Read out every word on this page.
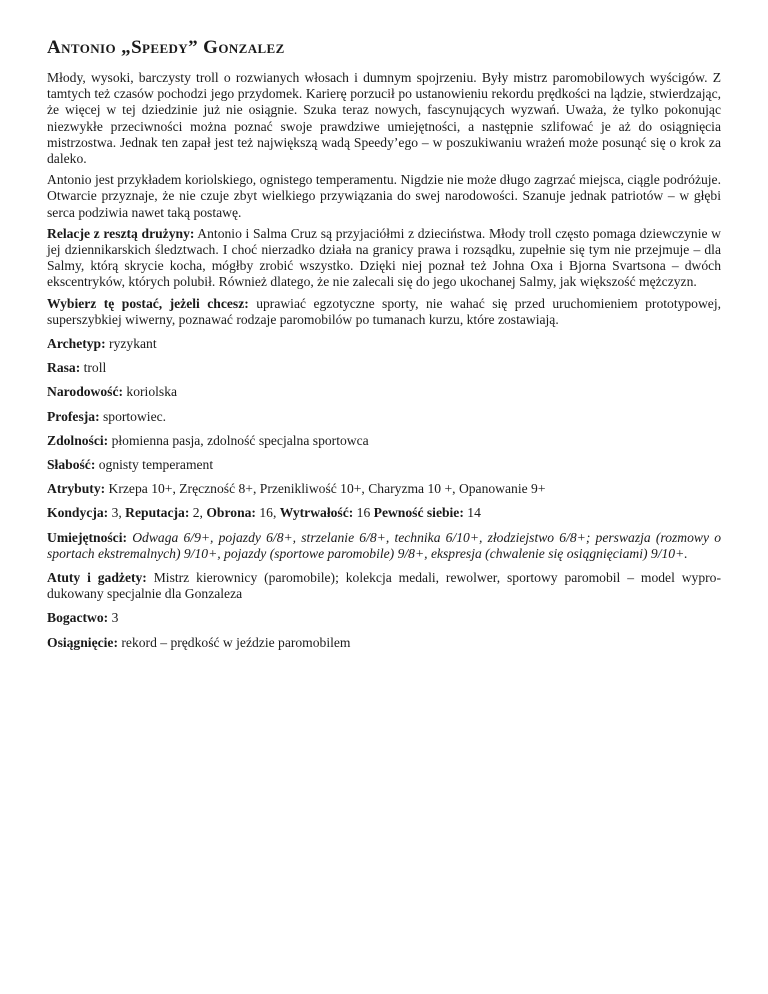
Antonio „Speedy” Gonzalez

Młody, wysoki, barczysty troll o rozwianych włosach i dumnym spojrzeniu. Były mistrz paromobilowych wyścigów. Z tamtych też czasów pochodzi jego przydomek. Karierę porzucił po ustanowieniu rekordu prędkości na lądzie, stwierdzając, że więcej w tej dziedzinie już nie osiągnie. Szuka teraz nowych, fascynujących wyzwań. Uważa, że tylko pokonując niezwykłe przeciwności można poznać swoje prawdziwe umiejętności, a następnie szlifować je aż do osiągnięcia mistrzostwa. Jednak ten zapał jest też największą wadą Speedy’ego – w poszukiwaniu wrażeń może posunąć się o krok za daleko.

Antonio jest przykładem koriolskiego, ognistego temperamentu. Nigdzie nie może długo zagrzać miejsca, ciągle podróżuje. Otwarcie przyznaje, że nie czuje zbyt wielkiego przywiązania do swej narodowości. Szanuje jednak patriotów – w głębi serca podziwia nawet taką postawę.

Relacje z resztą drużyny: Antonio i Salma Cruz są przyjaciółmi z dzieciństwa. Młody troll często pomaga dziewczynie w jej dziennikarskich śledztwach. I choć nierzadko działa na granicy prawa i rozsądku, zupełnie się tym nie przejmuje – dla Salmy, którą skrycie kocha, mógłby zrobić wszystko. Dzięki niej poznał też Johna Oxa i Bjorna Svartsona – dwóch ekscentryków, których polubił. Również dlatego, że nie zalecali się do jego ukochanej Salmy, jak większość mężczyzn.

Wybierz tę postać, jeżeli chcesz: uprawiać egzotyczne sporty, nie wahać się przed uruchomieniem prototypowej, superszybkiej wiwerny, poznawać rodzaje paromobilów po tumanach kurzu, które zostawiają.

Archetyp: ryzykant

Rasa: troll

Narodowość: koriolska

Profesja: sportowiec.

Zdolności: płomienna pasja, zdolność specjalna sportowca

Słabość: ognisty temperament

Atrybuty: Krzepa 10+, Zręczność 8+, Przenikliwość 10+, Charyzma 10 +, Opanowanie 9+

Kondycja: 3, Reputacja: 2, Obrona: 16, Wytrwałość: 16 Pewność siebie: 14

Umiejętności: Odwaga 6/9+, pojazdy 6/8+, strzelanie 6/8+, technika 6/10+, złodziejstwo 6/8+; perswazja (rozmowy o sportach ekstremalnych) 9/10+, pojazdy (sportowe paromobile) 9/8+, ekspresja (chwalenie się osiągnięciami) 9/10+.

Atuty i gadżety: Mistrz kierownicy (paromobile); kolekcja medali, rewolwer, sportowy paromobil – model wyprodukowany specjalnie dla Gonzaleza

Bogactwo: 3

Osiągnięcie: rekord – prędkość w jeździe paromobilem
